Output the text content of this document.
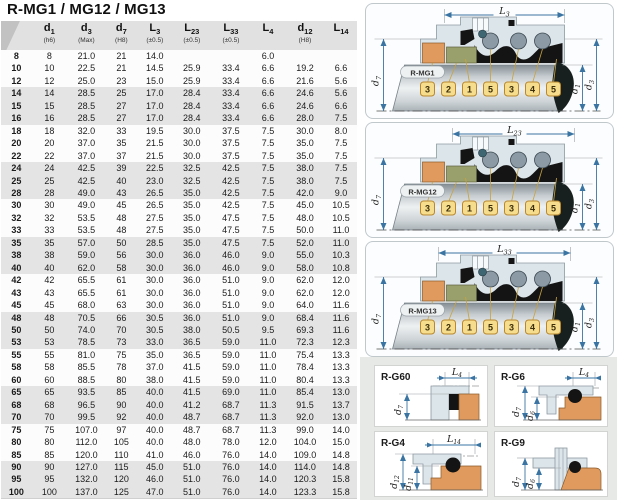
R-MG1 / MG12 / MG13

$d_1$
(h6)

$d_3$
(Max)

$d_7$
(H8)

$L_3$
(±0.5)

$L_{23}$
(±0.5)

$L_{33}$
(±0.5)

$L_4$	$d_{12}$
(H8)

$L_{14}$

8	8	21.0	21	14.0			6.0		
10	10	22.5	21	14.5	25.9	33.4	6.6	19.2	6.6
12	12	25.0	23	15.0	25.9	33.4	6.6	21.6	5.6
14	14	28.5	25	17.0	28.4	33.4	6.6	24.6	5.6
15	15	28.5	27	17.0	28.4	33.4	6.6	24.6	6.6
16	16	28.5	27	17.0	28.4	33.4	6.6	28.0	7.5
18	18	32.0	33	19.5	30.0	37.5	7.5	30.0	8.0
20	20	37.0	35	21.5	30.0	37.5	7.5	35.0	7.5
22	22	37.0	37	21.5	30.0	37.5	7.5	35.0	7.5
24	24	42.5	39	22.5	32.5	42.5	7.5	38.0	7.5
25	25	42.5	40	23.0	32.5	42.5	7.5	38.0	7.5
28	28	49.0	43	26.5	35.0	42.5	7.5	42.0	9.0
30	30	49.0	45	26.5	35.0	42.5	7.5	45.0	10.5
32	32	53.5	48	27.5	35.0	47.5	7.5	48.0	10.5
33	33	53.5	48	27.5	35.0	47.5	7.5	50.0	11.0
35	35	57.0	50	28.5	35.0	47.5	7.5	52.0	11.0
38	38	59.0	56	30.0	36.0	46.0	9.0	55.0	10.3
40	40	62.0	58	30.0	36.0	46.0	9.0	58.0	10.8
42	42	65.5	61	30.0	36.0	51.0	9.0	62.0	12.0
43	43	65.5	61	30.0	36.0	51.0	9.0	62.0	12.0
45	45	68.0	63	30.0	36.0	51.0	9.0	64.0	11.6
48	48	70.5	66	30.5	36.0	51.0	9.0	68.4	11.6
50	50	74.0	70	30.5	38.0	50.5	9.5	69.3	11.6
53	53	78.5	73	33.0	36.5	59.0	11.0	72.3	12.3
55	55	81.0	75	35.0	36.5	59.0	11.0	75.4	13.3
58	58	85.5	78	37.0	41.5	59.0	11.0	78.4	13.3
60	60	88.5	80	38.0	41.5	59.0	11.0	80.4	13.3
65	65	93.5	85	40.0	41.5	69.0	11.0	85.4	13.0
68	68	96.5	90	40.0	41.2	68.7	11.3	91.5	13.7
70	70	99.5	92	40.0	48.7	68.7	11.3	92.0	13.0
75	75	107.0	97	40.0	48.7	68.7	11.3	99.0	14.0
80	80	112.0	105	40.0	48.0	78.0	12.0	104.0	15.0
85	85	120.0	110	41.0	46.0	76.0	14.0	109.0	14.8
90	90	127.0	115	45.0	51.0	76.0	14.0	114.0	14.8
95	95	132.0	120	46.0	51.0	76.0	14.0	120.3	15.8
100	100	137.0	125	47.0	51.0	76.0	14.0	123.3	15.8
$L_3$
R-MG1
$L_{23}$
R-MG12
$L_{33}$
R-MG13
R-G60	$L_4$
$d_7$
R-G6	$L_4$
$d_7$
$d_6$
R-G4	$L_{14}$
$d_{12}$
$d_{11}$
R-G9
$d_7$
$d_6$
